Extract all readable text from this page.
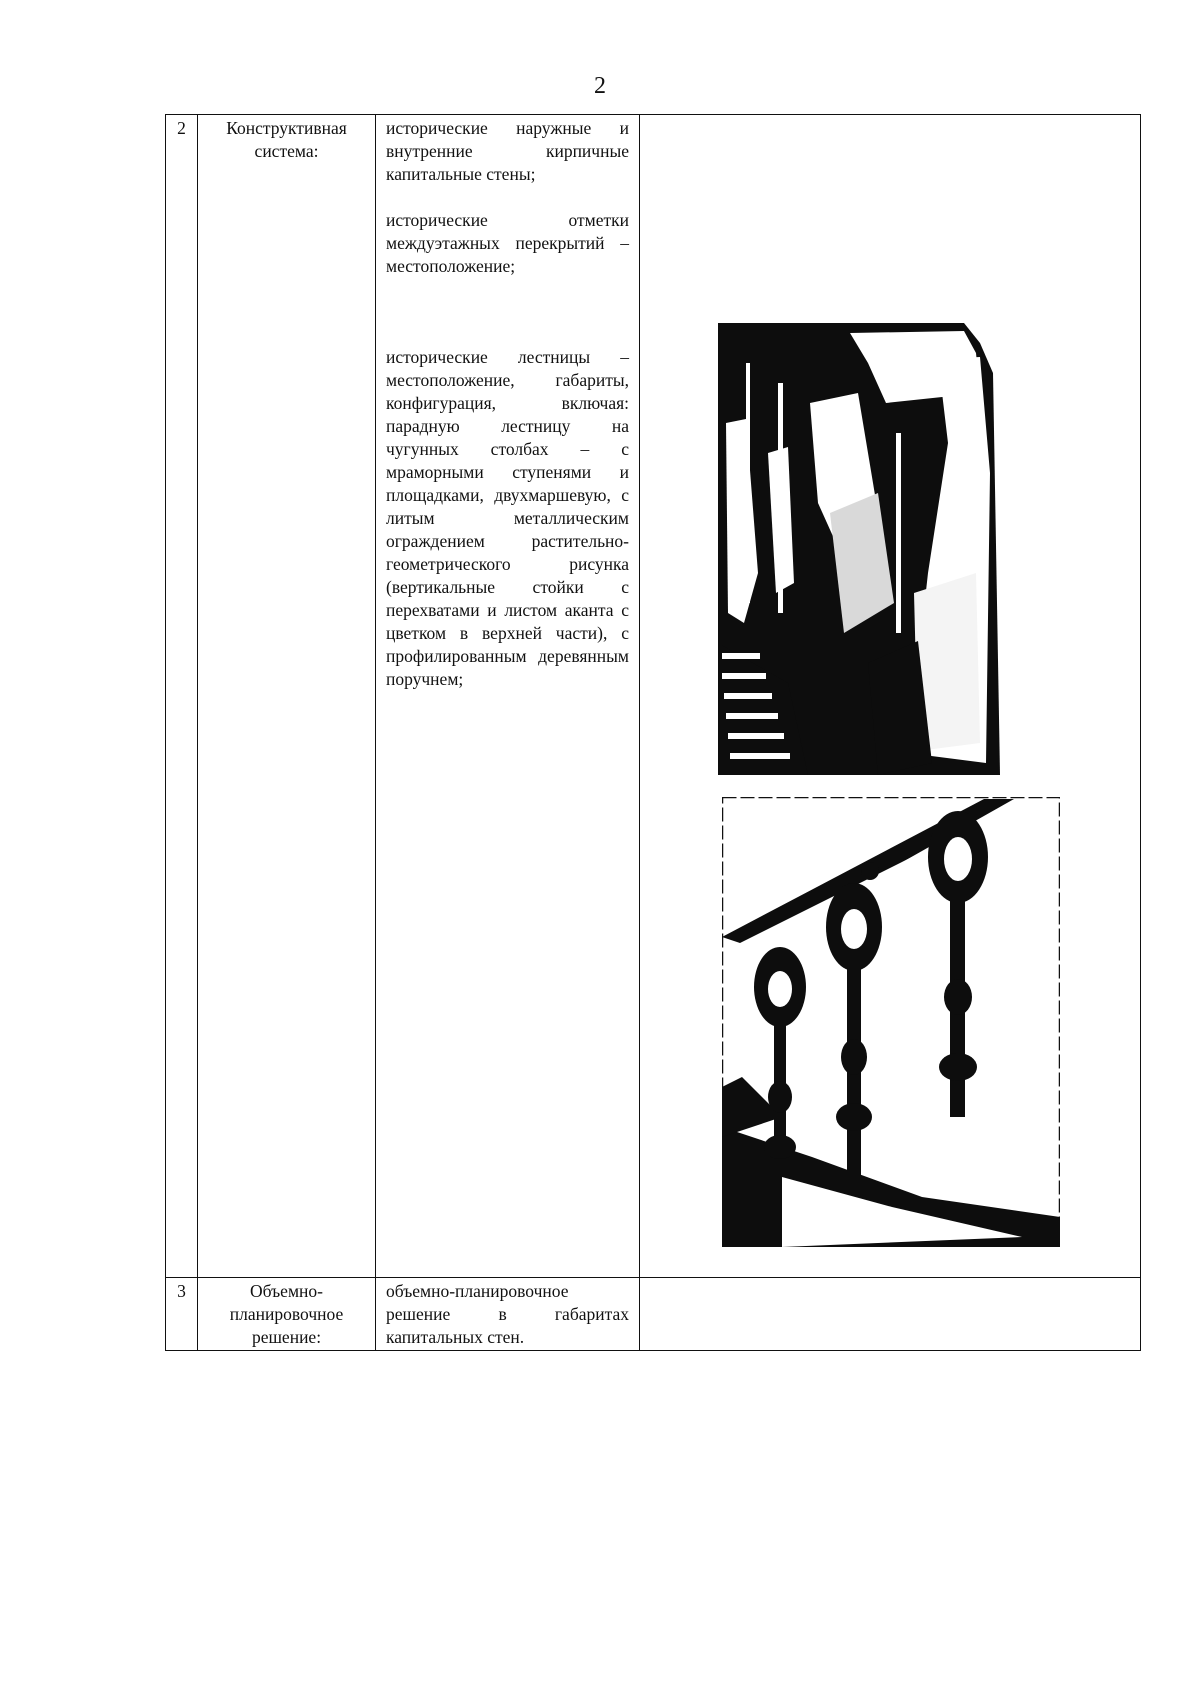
2
2	Конструктивная система:	исторические наружные и внутренние кирпичные капитальные стены;

исторические отметки междуэтажных перекрытий – местоположение;

исторические лестницы – местоположение, габариты, конфигурация, включая: парадную лестницу на чугунных столбах – с мраморными ступенями и площадками, двухмаршевую, с литым металлическим ограждением растительно-геометрического рисунка (вертикальные стойки с перехватами и листом аканта с цветком в верхней части), с профилированным деревянным поручнем;

3	Объемно-планировочное решение:	объемно-планировочное решение в габаритах капитальных стен.	
